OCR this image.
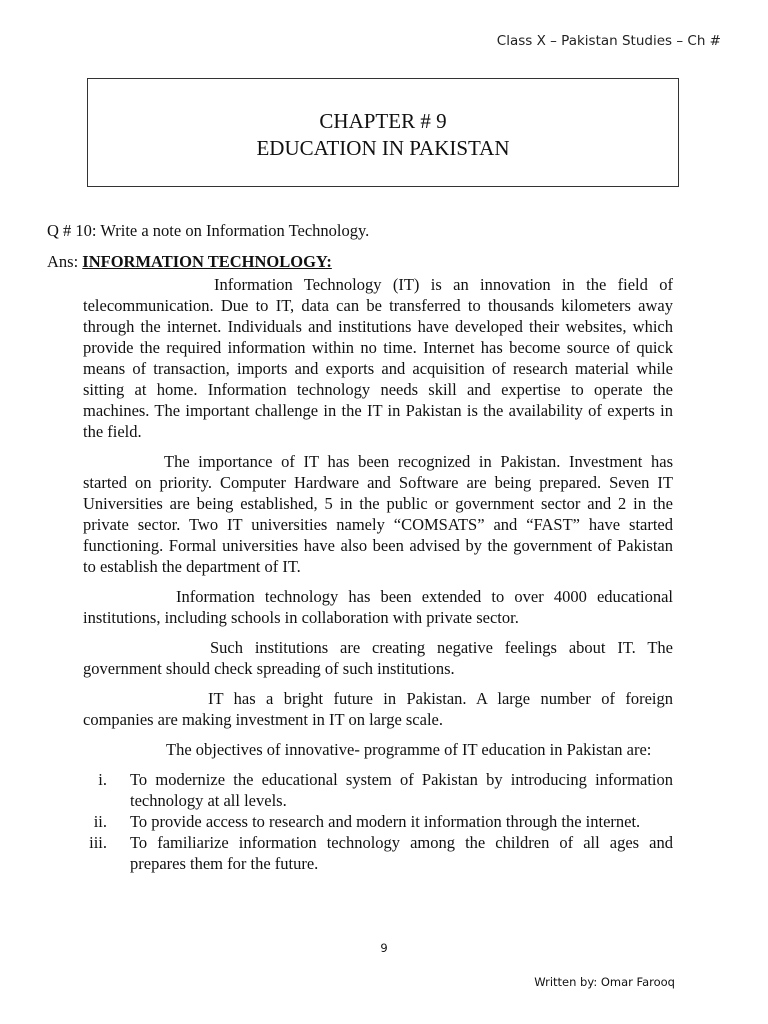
Class X – Pakistan Studies – Ch #
CHAPTER # 9
EDUCATION IN PAKISTAN
Q # 10: Write a note on Information Technology.
Ans: INFORMATION TECHNOLOGY:

Information Technology (IT) is an innovation in the field of telecommunication. Due to IT, data can be transferred to thousands kilometers away through the internet. Individuals and institutions have developed their websites, which provide the required information within no time. Internet has become source of quick means of transaction, imports and exports and acquisition of research material while sitting at home. Information technology needs skill and expertise to operate the machines. The important challenge in the IT in Pakistan is the availability of experts in the field.

The importance of IT has been recognized in Pakistan. Investment has started on priority. Computer Hardware and Software are being prepared. Seven IT Universities are being established, 5 in the public or government sector and 2 in the private sector. Two IT universities namely “COMSATS” and “FAST” have started functioning. Formal universities have also been advised by the government of Pakistan to establish the department of IT.

Information technology has been extended to over 4000 educational institutions, including schools in collaboration with private sector.

Such institutions are creating negative feelings about IT. The government should check spreading of such institutions.

IT has a bright future in Pakistan. A large number of foreign companies are making investment in IT on large scale.

The objectives of innovative- programme of IT education in Pakistan are:

i. To modernize the educational system of Pakistan by introducing information technology at all levels.
ii. To provide access to research and modern it information through the internet.
iii. To familiarize information technology among the children of all ages and prepares them for the future.
9
Written by: Omar Farooq
